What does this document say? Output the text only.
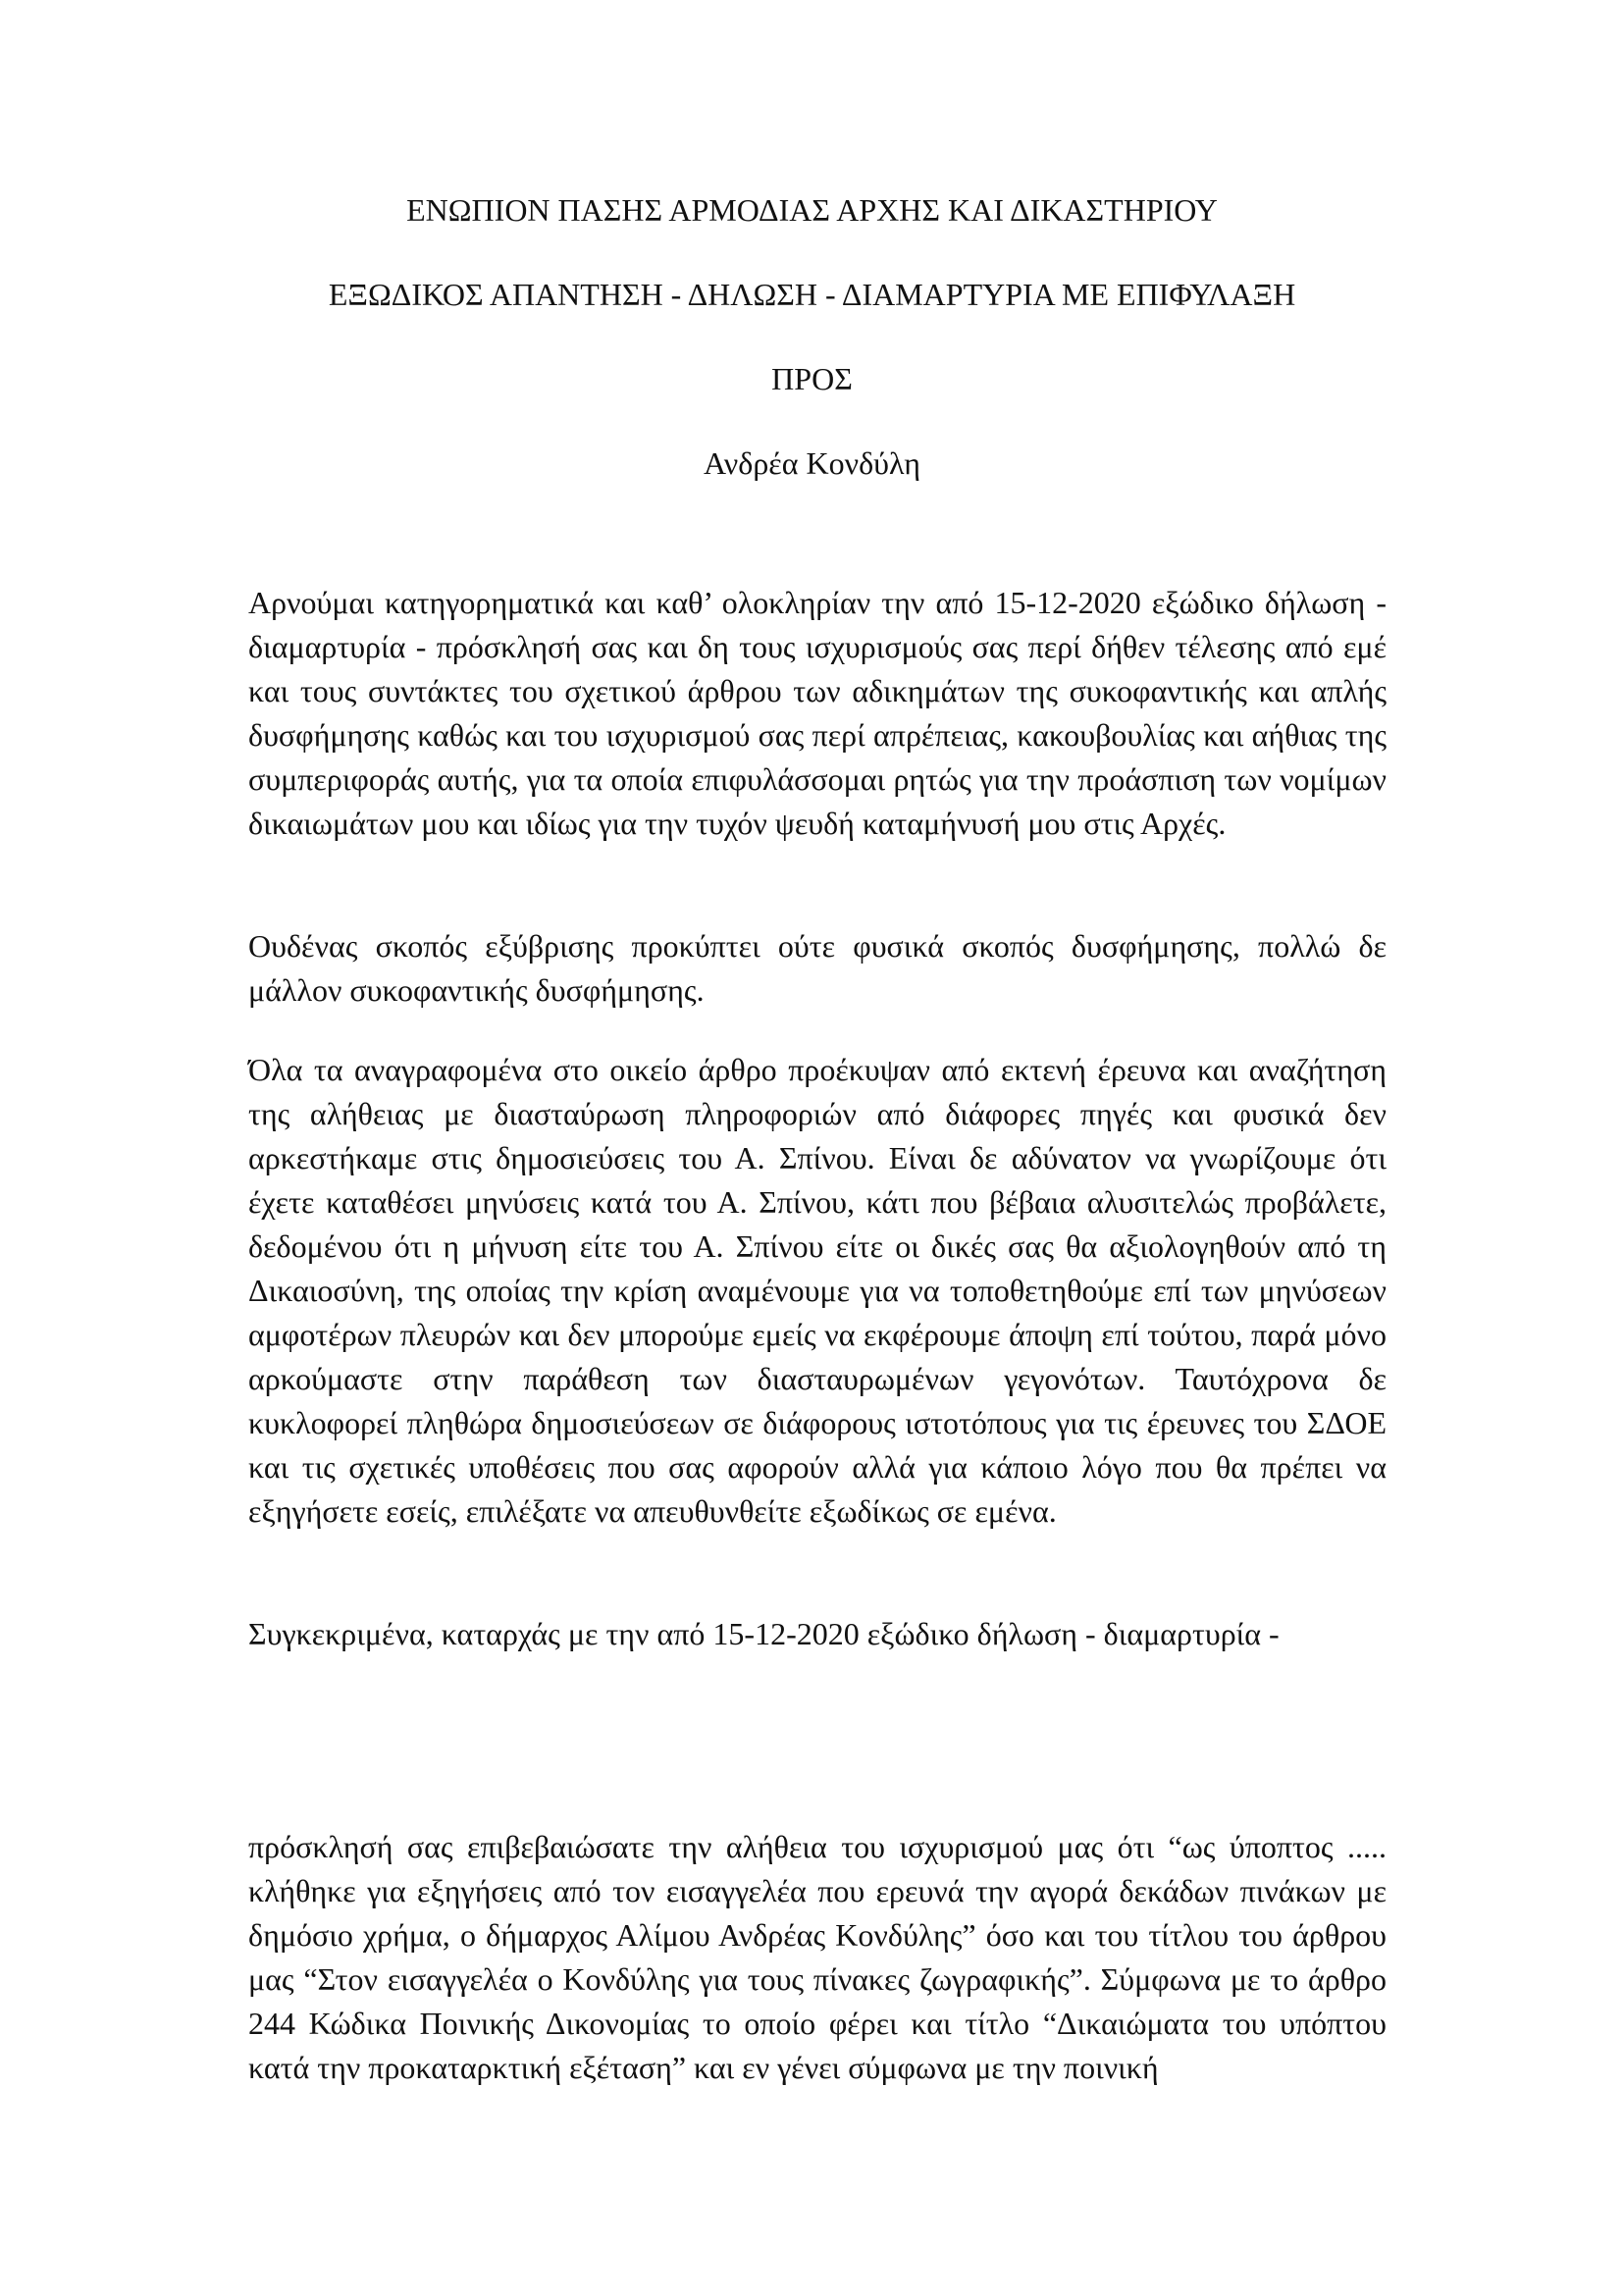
ΕΝΩΠΙΟΝ ΠΑΣΗΣ ΑΡΜΟΔΙΑΣ ΑΡΧΗΣ ΚΑΙ ΔΙΚΑΣΤΗΡΙΟΥ
ΕΞΩΔΙΚΟΣ ΑΠΑΝΤΗΣΗ - ΔΗΛΩΣΗ - ΔΙΑΜΑΡΤΥΡΙΑ ΜΕ ΕΠΙΦΥΛΑΞΗ
ΠΡΟΣ
Ανδρέα Κονδύλη

Αρνούμαι κατηγορηματικά και καθ’ ολοκληρίαν την από 15-12-2020 εξώδικο δήλωση - διαμαρτυρία - πρόσκλησή σας και δη τους ισχυρισμούς σας περί δήθεν τέλεσης από εμέ και τους συντάκτες του σχετικού άρθρου των αδικημάτων της συκοφαντικής και απλής δυσφήμησης καθώς και του ισχυρισμού σας περί απρέπειας, κακουβουλίας και αήθιας της συμπεριφοράς αυτής, για τα οποία επιφυλάσσομαι ρητώς για την προάσπιση των νομίμων δικαιωμάτων μου και ιδίως για την τυχόν ψευδή καταμήνυσή μου στις Αρχές.

Ουδένας σκοπός εξύβρισης προκύπτει ούτε φυσικά σκοπός δυσφήμησης, πολλώ δε μάλλον συκοφαντικής δυσφήμησης.

Όλα τα αναγραφομένα στο οικείο άρθρο προέκυψαν από εκτενή έρευνα και αναζήτηση της αλήθειας με διασταύρωση πληροφοριών από διάφορες πηγές και φυσικά δεν αρκεστήκαμε στις δημοσιεύσεις του Α. Σπίνου. Είναι δε αδύνατον να γνωρίζουμε ότι έχετε καταθέσει μηνύσεις κατά του Α. Σπίνου, κάτι που βέβαια αλυσιτελώς προβάλετε, δεδομένου ότι η μήνυση είτε του Α. Σπίνου είτε οι δικές σας θα αξιολογηθούν από τη Δικαιοσύνη, της οποίας την κρίση αναμένουμε για να τοποθετηθούμε επί των μηνύσεων αμφοτέρων πλευρών και δεν μπορούμε εμείς να εκφέρουμε άποψη επί τούτου, παρά μόνο αρκούμαστε στην παράθεση των διασταυρωμένων γεγονότων. Ταυτόχρονα δε κυκλοφορεί πληθώρα δημοσιεύσεων σε διάφορους ιστοτόπους για τις έρευνες του ΣΔΟΕ και τις σχετικές υποθέσεις που σας αφορούν αλλά για κάποιο λόγο που θα πρέπει να εξηγήσετε εσείς, επιλέξατε να απευθυνθείτε εξωδίκως σε εμένα.

Συγκεκριμένα, καταρχάς με την από 15-12-2020 εξώδικο δήλωση - διαμαρτυρία -

πρόσκλησή σας επιβεβαιώσατε την αλήθεια του ισχυρισμού μας ότι “ως ύποπτος ..... κλήθηκε για εξηγήσεις από τον εισαγγελέα που ερευνά την αγορά δεκάδων πινάκων με δημόσιο χρήμα, ο δήμαρχος Αλίμου Ανδρέας Κονδύλης” όσο και του τίτλου του άρθρου μας “Στον εισαγγελέα ο Κονδύλης για τους πίνακες ζωγραφικής”. Σύμφωνα με το άρθρο 244 Κώδικα Ποινικής Δικονομίας το οποίο φέρει και τίτλο “Δικαιώματα του υπόπτου κατά την προκαταρκτική εξέταση” και εν γένει σύμφωνα με την ποινική
